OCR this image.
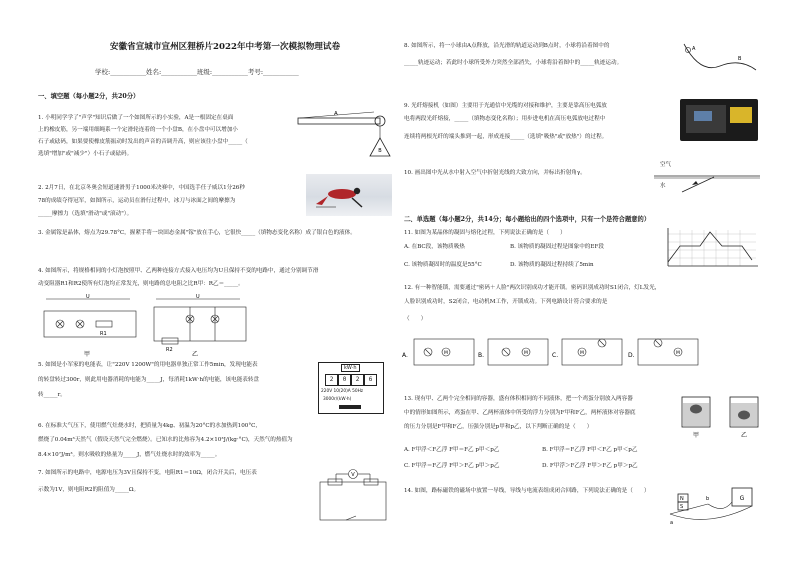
安徽省宣城市宣州区狸桥片2022年中考第一次模拟物理试卷
学校:___________姓名:___________班级:___________考号:___________
一、填空题（每小题2分，共20分）
1. 小明同学学了"声学"知识后做了一个如图所示的小实验，A是一根固定在桌面
上的橡皮筋，另一端用细绳系一个定滑轮连着的一个小盘B，在小盘中可以增加小
石子或砝码，如果要使橡皮筋振动时发出的声音的音调升高，则应该往小盘中_____（
选填"增加"或"减少"）小石子或砝码。
2. 2月7日，在北京冬奥会短道速滑男子1000米决赛中，中国选手任子威以1分26秒
78的成绩夺得冠军，如图所示，运动员在滑行过程中，冰刀与冰面之间的摩擦为
_____摩擦力（选填"滑动"或"滚动"）。
3. 金属镓是晶体，熔点为29.78°C，握紧手将一块固态金属"镓"放在手心，它很快_____（填物态变化名称）成了银白色的液体。
4. 如图所示，将规格相同的小灯泡按照甲、乙两种连接方式接入电压均为U且保持不变的电路中，通过分别调节滑
动变阻器R1和R2使所有灯泡均正常发光，则电路的总电阻之比R甲：R乙＝_____。
5. 如图是小军家的电能表，让"220V 1200W"的用电器单独正常工作5min，发现电能表
的转盘转过300r，则此用电器消耗的电能为_____J，每消耗1kW·h的电能，该电能表转盘
转_____r。
6. 在标准大气压下，使用燃气灶烧水时，把质量为4kg、初温为20°C的水加热到100°C，
燃烧了0.04m³天然气（假设天然气完全燃烧）。已知水的比热容为4.2×10³J/(kg·°C)，天然气的热值为
8.4×10⁷J/m³。则水吸收的热量为_____J，燃气灶烧水时的效率为_____。
7. 如图所示的电路中，电源电压为3V且保持不变，电阻R1＝10Ω，闭合开关后，电压表
示数为1V，则电阻R2的阻值为_____Ω。
B
A
U
R1
甲
U
R2
乙
kW·h
2	0	2	6
220V 10(20)A 50Hz
3000r/(kW·h)
V
8. 如图所示，将一小球由A点释放，沿光滑的轨道运动到B点时，小球将沿着图中的
_____轨迹运动；若此时小球所受外力突然全部消失，小球将沿着图中的_____轨迹运动。
A
B
9. 光纤熔接机（如图）主要用于光通信中光缆的对接和维护，主要是靠高压电弧放
电将两段光纤熔接，_____（填物态变化名称）；用步进电机在高压电弧放电过程中
连续将两根光纤的端头推到一起，形成连接_____（选填"吸热"或"放热"）的过程。
10. 画出图中光从水中射入空气中折射光线的大致方向，并标出折射角γ。
空气
水
二、单选题（每小题2分，共14分；每小题给出的四个选项中，只有一个是符合题意的）
11. 如图为某晶体的凝固与熔化过程，下列说法正确的是（　　）
A. 在BC段，该物质吸热	B. 该物质的凝固过程是图象中的EF段
C. 该物质凝固时的温度是55°C	D. 该物质的凝固过程持续了5min
12. 有一种智能锁，需要通过"密码＋人脸"两次识别成功才能开锁。密码识别成功时S1闭合，灯L发光，
人脸识别成功时，S2闭合，电动机M工作，开锁成功。下列电路设计符合要求的是
（　　）
A.	M	B.	M	C.	M	D.	M
13. 现有甲、乙两个完全相同的容器，盛有体积相同的不同液体，把一个鸡蛋分别放入两容器
中的情形如图所示，鸡蛋在甲、乙两杯液体中所受的浮力分别为F甲和F乙，两杯液体对容器底
的压力分别是F甲和F乙，压强分别是p甲和p乙，以下判断正确的是（　　）
A. F甲浮＜F乙浮 F甲＝F乙 p甲＜p乙	B. F甲浮＝F乙浮 F甲＜F乙 p甲＜p乙
C. F甲浮＝F乙浮 F甲＞F乙 p甲＞p乙	D. F甲浮＞F乙浮 F甲＞F乙 p甲＞p乙
甲	乙
14. 如图，路标磁铁的磁场中放置一导线，导线与电流表组成闭合回路，下列说法正确的是（　　）
N
S
a
b	G
